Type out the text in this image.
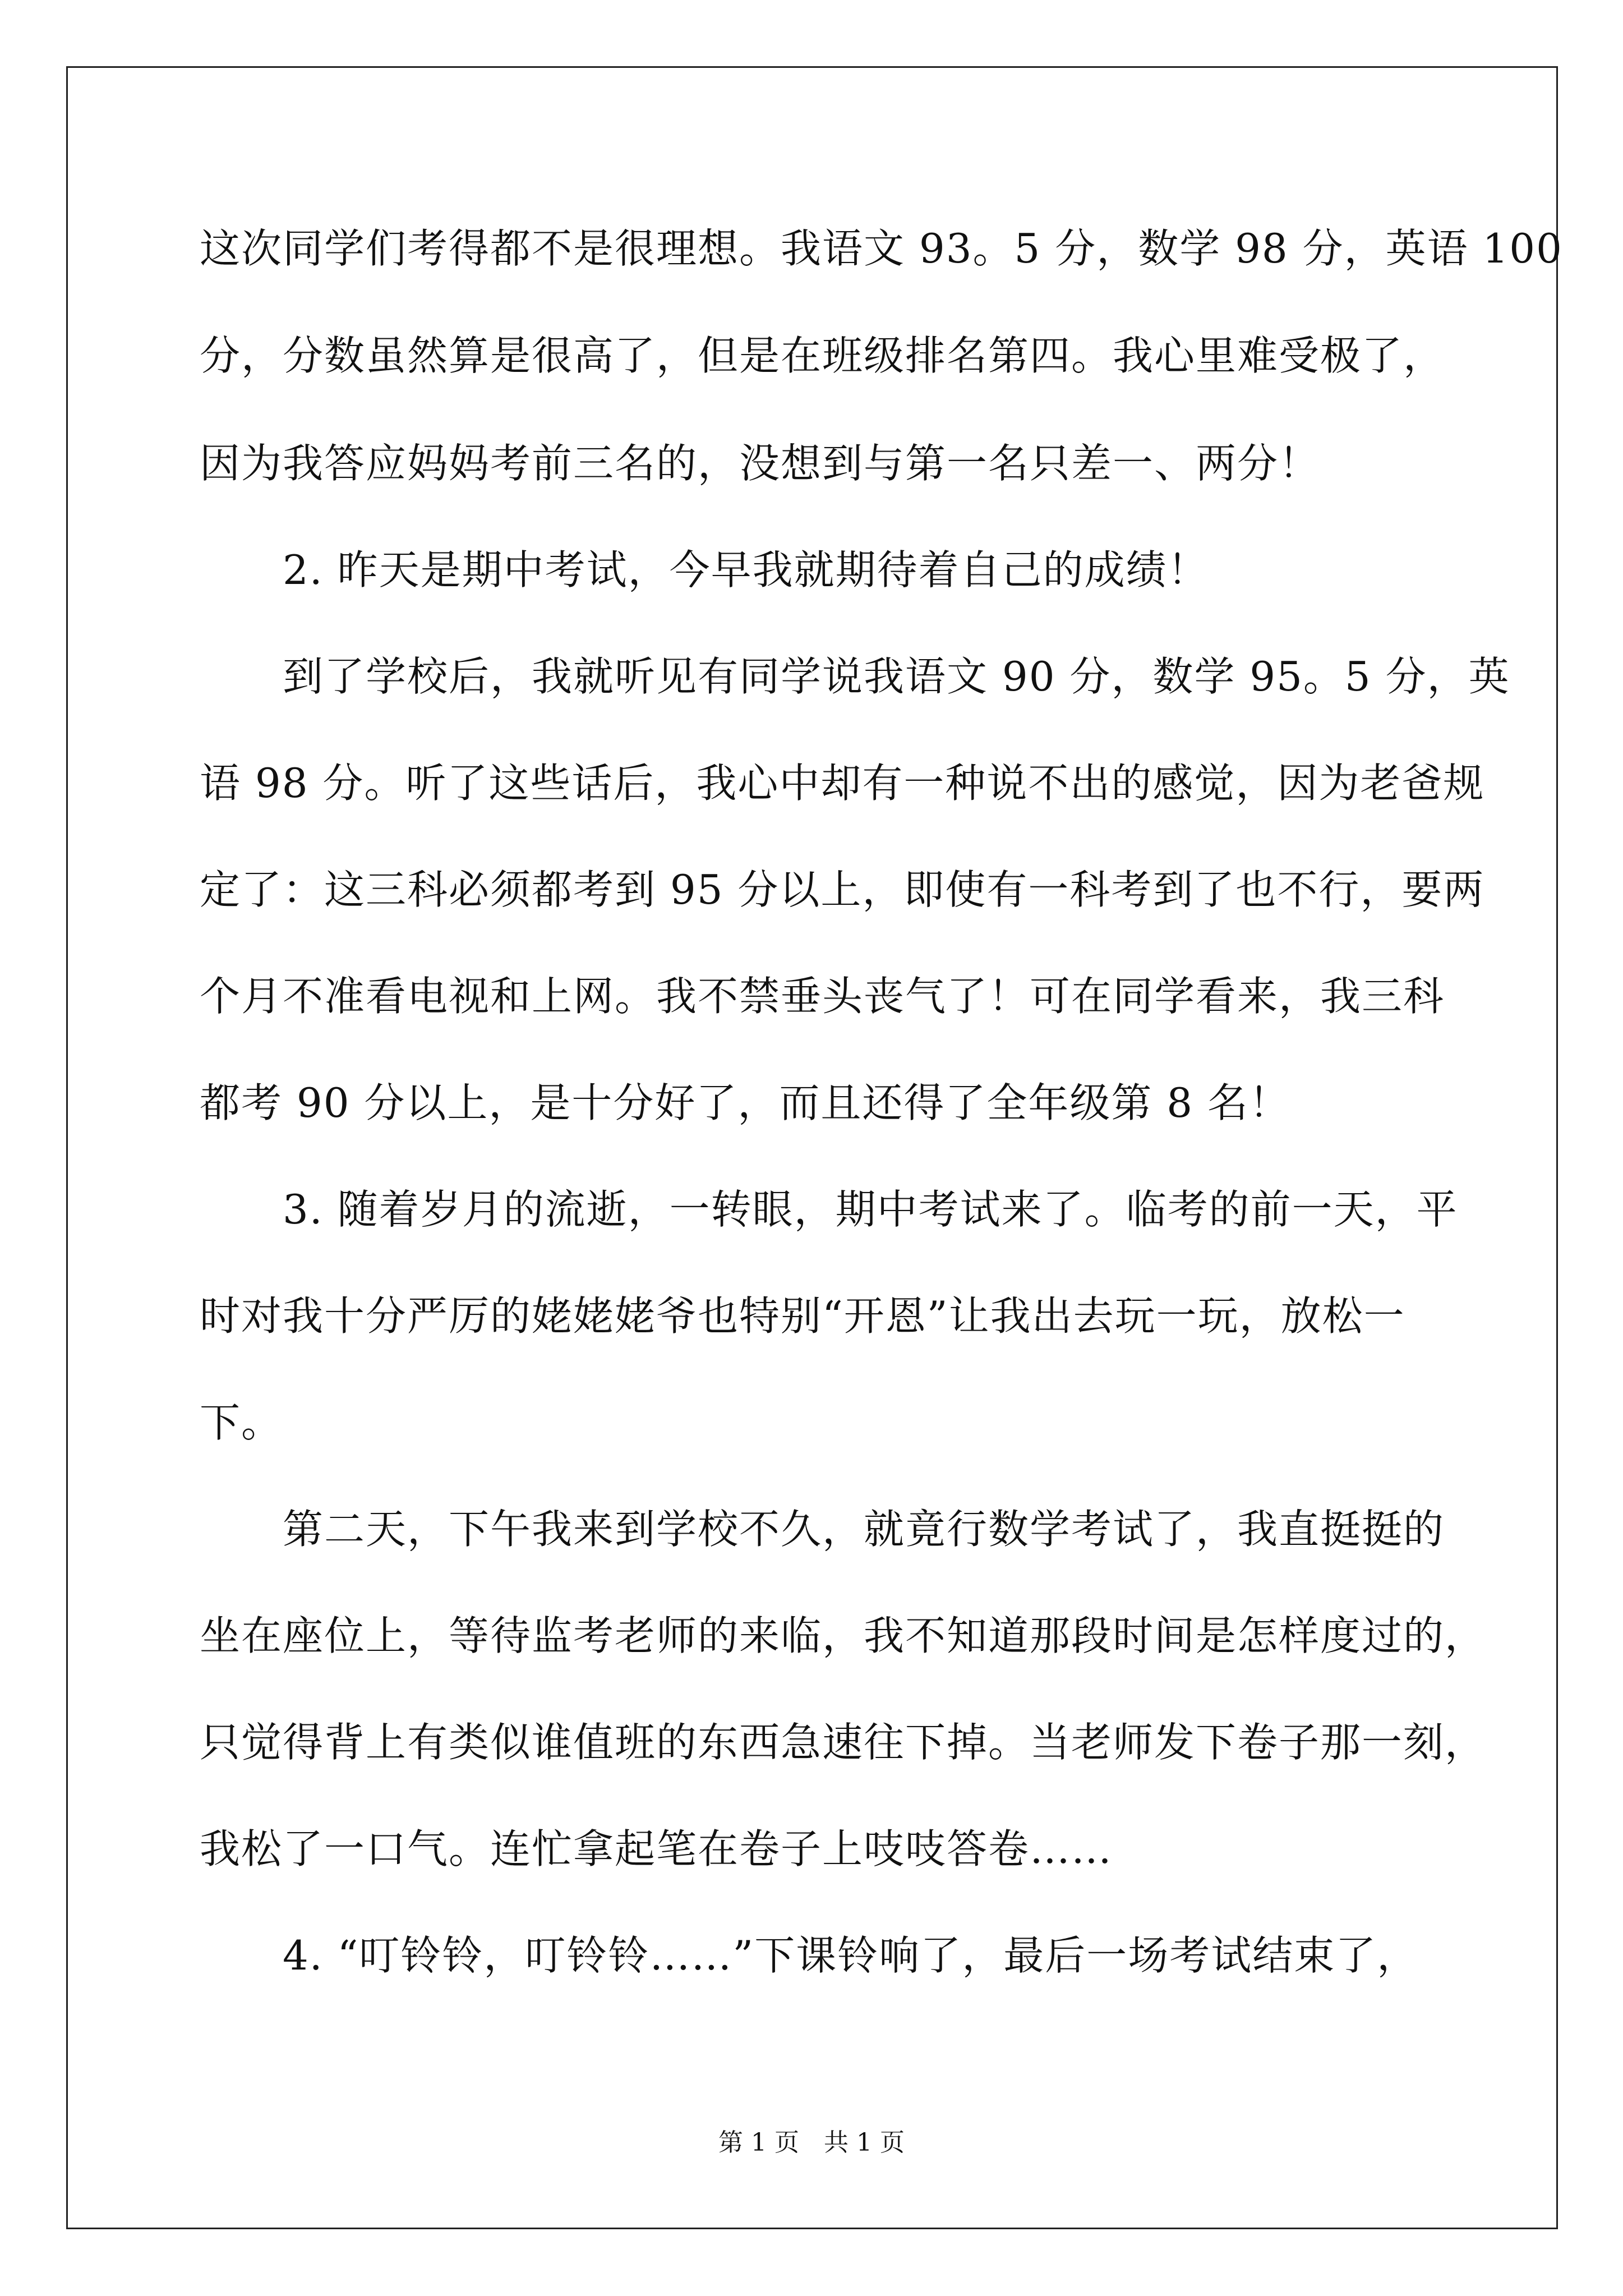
这次同学们考得都不是很理想。我语文 93。5 分，数学 98 分，英语 100
分，分数虽然算是很高了，但是在班级排名第四。我心里难受极了，
因为我答应妈妈考前三名的，没想到与第一名只差一、两分！
　　2. 昨天是期中考试，今早我就期待着自己的成绩！
　　到了学校后，我就听见有同学说我语文 90 分，数学 95。5 分，英
语 98 分。听了这些话后，我心中却有一种说不出的感觉，因为老爸规
定了：这三科必须都考到 95 分以上，即使有一科考到了也不行，要两
个月不准看电视和上网。我不禁垂头丧气了！可在同学看来，我三科
都考 90 分以上，是十分好了，而且还得了全年级第 8 名！
　　3. 随着岁月的流逝，一转眼，期中考试来了。临考的前一天，平
时对我十分严厉的姥姥姥爷也特别“开恩”让我出去玩一玩，放松一
下。
　　第二天，下午我来到学校不久，就竟行数学考试了，我直挺挺的
坐在座位上，等待监考老师的来临，我不知道那段时间是怎样度过的，
只觉得背上有类似谁值班的东西急速往下掉。当老师发下卷子那一刻，
我松了一口气。连忙拿起笔在卷子上吱吱答卷……
　　4. “叮铃铃，叮铃铃……”下课铃响了，最后一场考试结束了，
第 1 页 共 1 页
